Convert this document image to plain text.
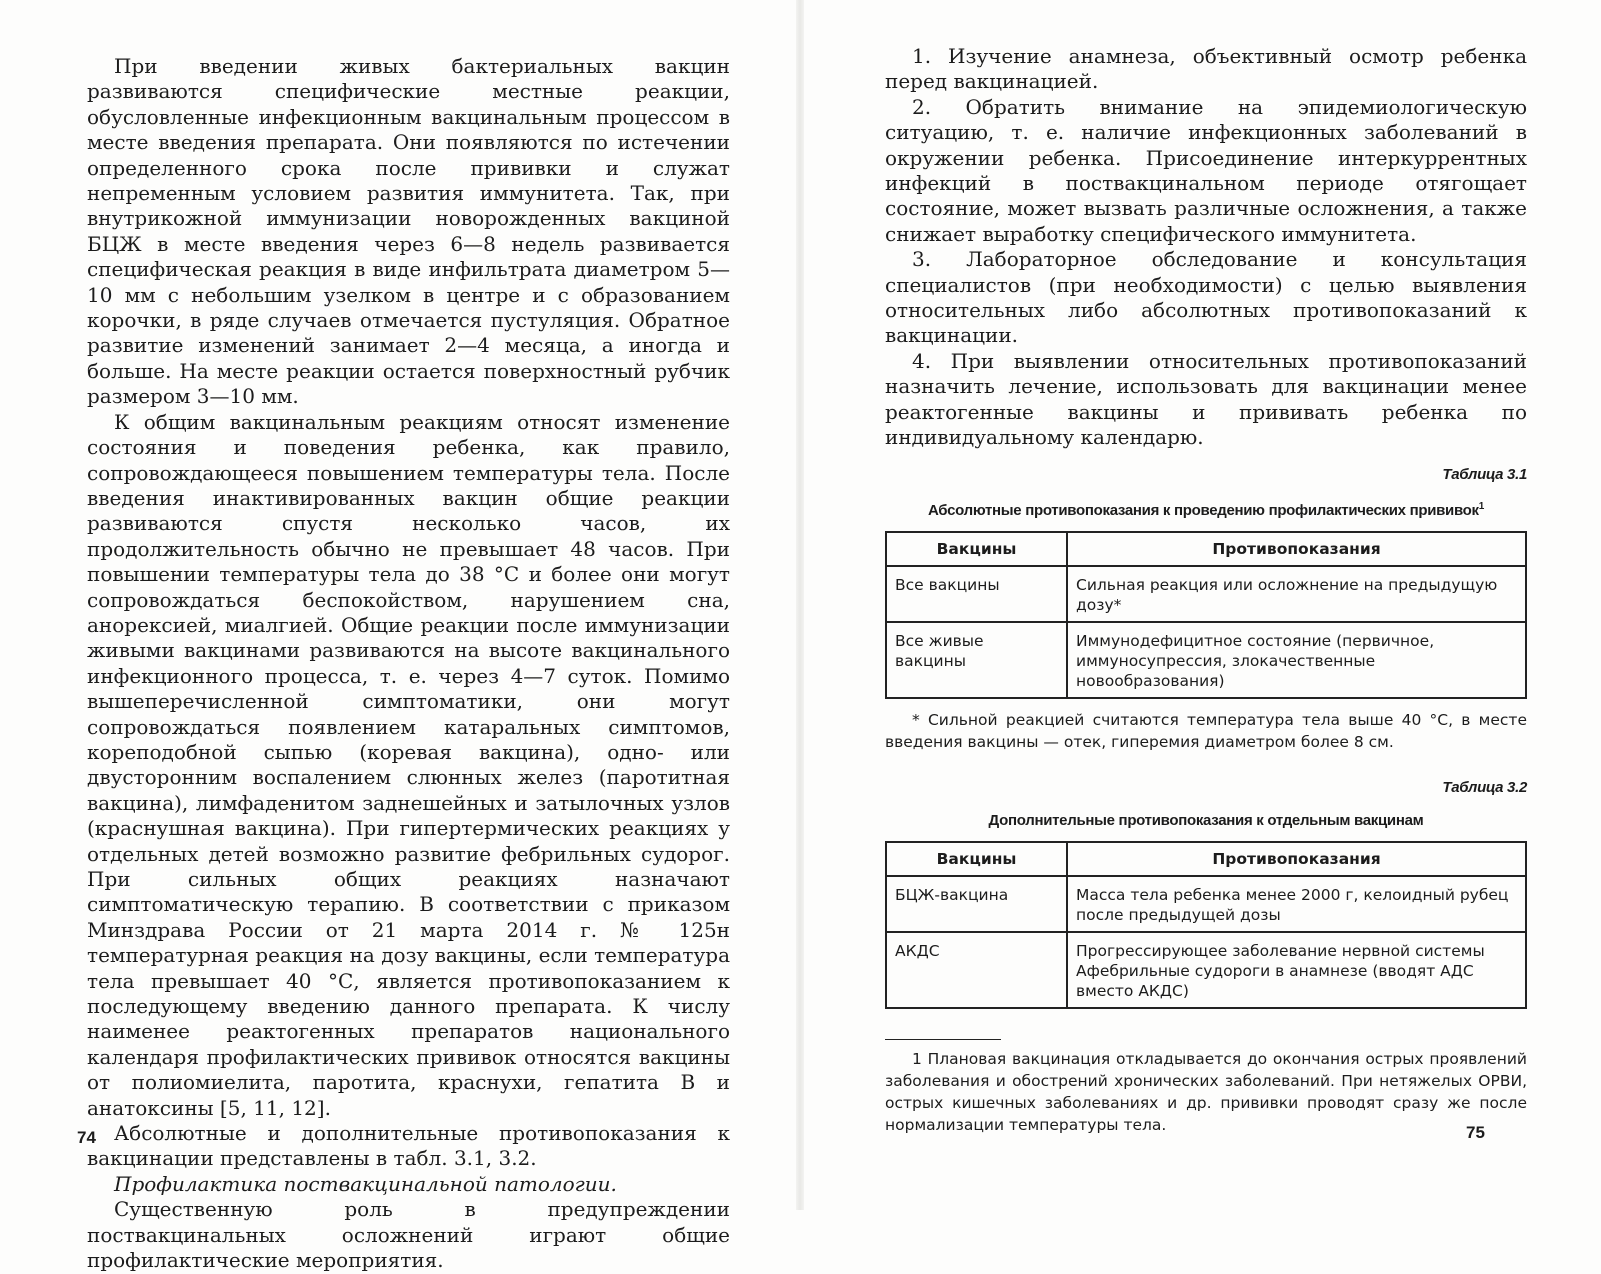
При введении живых бактериальных вакцин развиваются специфические местные реакции, обусловленные инфекционным вакцинальным процессом в месте введения препарата. Они появляются по истечении определенного срока после прививки и служат непременным условием развития иммунитета. Так, при внутрикожной иммунизации новорожденных вакциной БЦЖ в месте введения через 6—8 недель развивается специфическая реакция в виде инфильтрата диаметром 5—10 мм с небольшим узелком в центре и с образованием корочки, в ряде случаев отмечается пустуляция. Обратное развитие изменений занимает 2—4 месяца, а иногда и больше. На месте реакции остается поверхностный рубчик размером 3—10 мм.

К общим вакцинальным реакциям относят изменение состояния и поведения ребенка, как правило, сопровождающееся повышением температуры тела. После введения инактивированных вакцин общие реакции развиваются спустя несколько часов, их продолжительность обычно не превышает 48 часов. При повышении температуры тела до 38 °С и более они могут сопровождаться беспокойством, нарушением сна, анорексией, миалгией. Общие реакции после иммунизации живыми вакцинами развиваются на высоте вакцинального инфекционного процесса, т. е. через 4—7 суток. Помимо вышеперечисленной симптоматики, они могут сопровождаться появлением катаральных симптомов, кореподобной сыпью (коревая вакцина), одно- или двусторонним воспалением слюнных желез (паротитная вакцина), лимфаденитом заднешейных и затылочных узлов (краснушная вакцина). При гипертермических реакциях у отдельных детей возможно развитие фебрильных судорог. При сильных общих реакциях назначают симптоматическую терапию. В соответствии с приказом Минздрава России от 21 марта 2014 г. № 125н температурная реакция на дозу вакцины, если температура тела превышает 40 °С, является противопоказанием к последующему введению данного препарата. К числу наименее реактогенных препаратов национального календаря профилактических прививок относятся вакцины от полиомиелита, паротита, краснухи, гепатита В и анатоксины [5, 11, 12].

Абсолютные и дополнительные противопоказания к вакцинации представлены в табл. 3.1, 3.2.

Профилактика поствакцинальной патологии.

Существенную роль в предупреждении поствакцинальных осложнений играют общие профилактические мероприятия.

74

1. Изучение анамнеза, объективный осмотр ребенка перед вакцинацией.

2. Обратить внимание на эпидемиологическую ситуацию, т. е. наличие инфекционных заболеваний в окружении ребенка. Присоединение интеркуррентных инфекций в поствакцинальном периоде отягощает состояние, может вызвать различные осложнения, а также снижает выработку специфического иммунитета.

3. Лабораторное обследование и консультация специалистов (при необходимости) с целью выявления относительных либо абсолютных противопоказаний к вакцинации.

4. При выявлении относительных противопоказаний назначить лечение, использовать для вакцинации менее реактогенные вакцины и прививать ребенка по индивидуальному календарю.

Таблица 3.1
Абсолютные противопоказания к проведению профилактических прививок$^1$
Вакцины	Противопоказания
Все вакцины	Сильная реакция или осложнение на предыдущую дозу*
Все живые вакцины	Иммунодефицитное состояние (первичное, иммуносупрессия, злокачественные новообразования)
* Сильной реакцией считаются температура тела выше 40 °С, в месте введения вакцины — отек, гиперемия диаметром более 8 см.
Таблица 3.2
Дополнительные противопоказания к отдельным вакцинам
Вакцины	Противопоказания
БЦЖ-вакцина	Масса тела ребенка менее 2000 г, келоидный рубец после предыдущей дозы
АКДС	Прогрессирующее заболевание нервной системы Афебрильные судороги в анамнезе (вводят АДС вместо АКДС)
1 Плановая вакцинация откладывается до окончания острых проявлений заболевания и обострений хронических заболеваний. При нетяжелых ОРВИ, острых кишечных заболеваниях и др. прививки проводят сразу же после нормализации температуры тела.	75
